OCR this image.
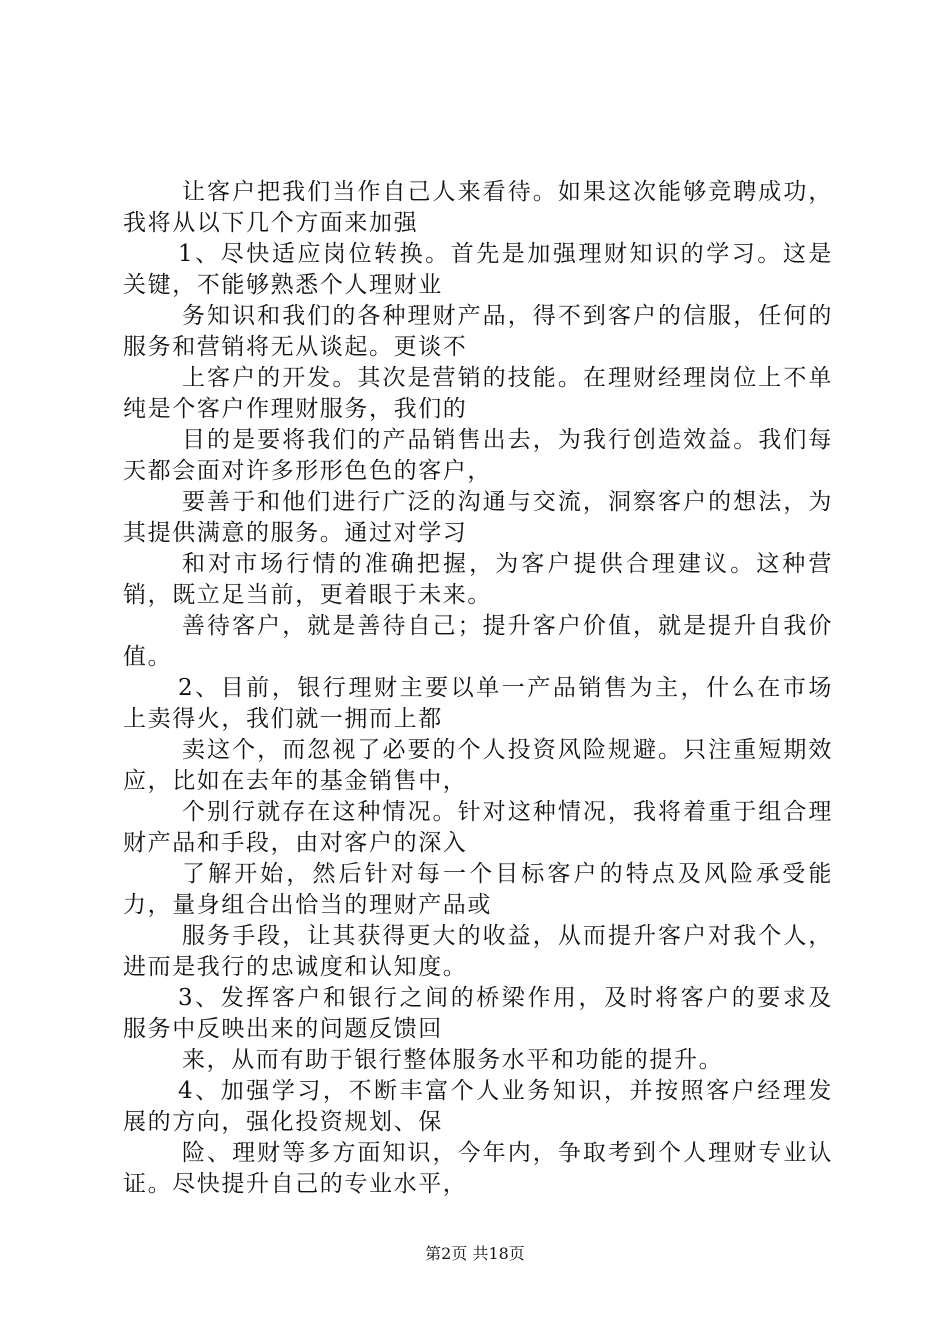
让客户把我们当作自己人来看待。如果这次能够竞聘成功，我将从以下几个方面来加强

1、尽快适应岗位转换。首先是加强理财知识的学习。这是关键，不能够熟悉个人理财业

务知识和我们的各种理财产品，得不到客户的信服，任何的服务和营销将无从谈起。更谈不

上客户的开发。其次是营销的技能。在理财经理岗位上不单纯是个客户作理财服务，我们的

目的是要将我们的产品销售出去，为我行创造效益。我们每天都会面对许多形形色色的客户，

要善于和他们进行广泛的沟通与交流，洞察客户的想法，为其提供满意的服务。通过对学习

和对市场行情的准确把握，为客户提供合理建议。这种营销，既立足当前，更着眼于未来。

善待客户，就是善待自己；提升客户价值，就是提升自我价值。

2、目前，银行理财主要以单一产品销售为主，什么在市场上卖得火，我们就一拥而上都

卖这个，而忽视了必要的个人投资风险规避。只注重短期效应，比如在去年的基金销售中，

个别行就存在这种情况。针对这种情况，我将着重于组合理财产品和手段，由对客户的深入

了解开始，然后针对每一个目标客户的特点及风险承受能力，量身组合出恰当的理财产品或

服务手段，让其获得更大的收益，从而提升客户对我个人，进而是我行的忠诚度和认知度。

3、发挥客户和银行之间的桥梁作用，及时将客户的要求及服务中反映出来的问题反馈回

来，从而有助于银行整体服务水平和功能的提升。

4、加强学习，不断丰富个人业务知识，并按照客户经理发展的方向，强化投资规划、保

险、理财等多方面知识，今年内，争取考到个人理财专业认证。尽快提升自己的专业水平，

第2页 共18页
